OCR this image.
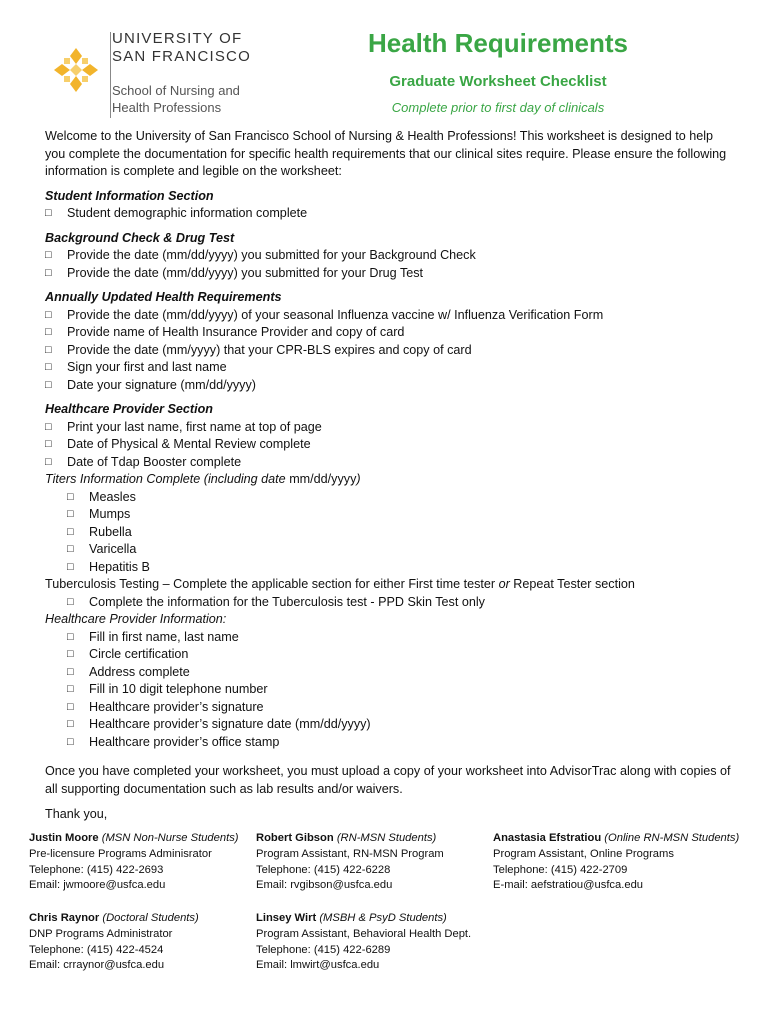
UNIVERSITY OF
SAN FRANCISCO
School of Nursing and
Health Professions
Health Requirements
Graduate Worksheet Checklist
Complete prior to first day of clinicals

Welcome to the University of San Francisco School of Nursing & Health Professions! This worksheet is designed to help you complete the documentation for specific health requirements that our clinical sites require. Please ensure the following information is complete and legible on the worksheet:

Student Information Section
□	Student demographic information complete
Background Check & Drug Test
□	Provide the date (mm/dd/yyyy) you submitted for your Background Check
□	Provide the date (mm/dd/yyyy) you submitted for your Drug Test
Annually Updated Health Requirements
□	Provide the date (mm/dd/yyyy) of your seasonal Influenza vaccine w/ Influenza Verification Form
□	Provide name of Health Insurance Provider and copy of card
□	Provide the date (mm/yyyy) that your CPR-BLS expires and copy of card
□	Sign your first and last name
□	Date your signature (mm/dd/yyyy)
Healthcare Provider Section
□	Print your last name, first name at top of page
□	Date of Physical & Mental Review complete
□	Date of Tdap Booster complete
Titers Information Complete (including date mm/dd/yyyy)
□	Measles
□	Mumps
□	Rubella
□	Varicella
□	Hepatitis B
Tuberculosis Testing – Complete the applicable section for either First time tester or Repeat Tester section
□	Complete the information for the Tuberculosis test - PPD Skin Test only
Healthcare Provider Information:
□	Fill in first name, last name
□	Circle certification
□	Address complete
□	Fill in 10 digit telephone number
□	Healthcare provider’s signature
□	Healthcare provider’s signature date (mm/dd/yyyy)
□	Healthcare provider’s office stamp

Once you have completed your worksheet, you must upload a copy of your worksheet into AdvisorTrac along with copies of all supporting documentation such as lab results and/or waivers.

Thank you,

Justin Moore (MSN Non-Nurse Students)
Pre-licensure Programs Adminisrator
Telephone: (415) 422-2693
Email: jwmoore@usfca.edu
Robert Gibson (RN-MSN Students)
Program Assistant, RN-MSN Program
Telephone: (415) 422-6228
Email: rvgibson@usfca.edu
Anastasia Efstratiou (Online RN-MSN Students)
Program Assistant, Online Programs
Telephone: (415) 422-2709
E-mail: aefstratiou@usfca.edu
Chris Raynor (Doctoral Students)
DNP Programs Administrator
Telephone: (415) 422-4524
Email: crraynor@usfca.edu
Linsey Wirt (MSBH & PsyD Students)
Program Assistant, Behavioral Health Dept.
Telephone: (415) 422-6289
Email: lmwirt@usfca.edu
